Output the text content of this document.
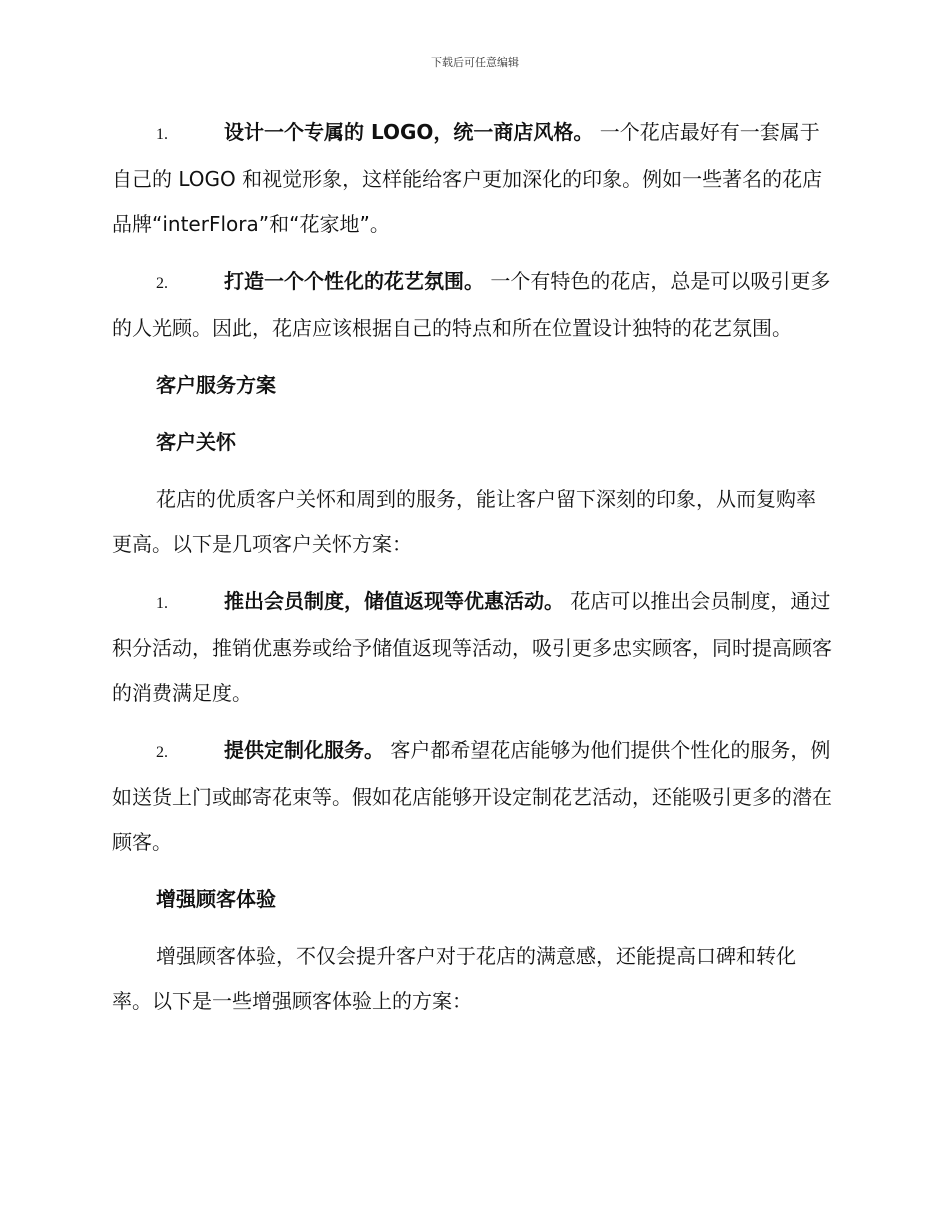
下载后可任意编辑
1.	设计一个专属的 LOGO，统一商店风格。 一个花店最好有一套属于自己的 LOGO 和视觉形象，这样能给客户更加深化的印象。例如一些著名的花店品牌“interFlora”和“花家地”。
2.	打造一个个性化的花艺氛围。 一个有特色的花店，总是可以吸引更多的人光顾。因此，花店应该根据自己的特点和所在位置设计独特的花艺氛围。
客户服务方案
客户关怀
花店的优质客户关怀和周到的服务，能让客户留下深刻的印象，从而复购率更高。以下是几项客户关怀方案：
1.	推出会员制度，储值返现等优惠活动。 花店可以推出会员制度，通过积分活动，推销优惠券或给予储值返现等活动，吸引更多忠实顾客，同时提高顾客的消费满足度。
2.	提供定制化服务。 客户都希望花店能够为他们提供个性化的服务，例如送货上门或邮寄花束等。假如花店能够开设定制花艺活动，还能吸引更多的潜在顾客。
增强顾客体验
增强顾客体验，不仅会提升客户对于花店的满意感，还能提高口碑和转化率。以下是一些增强顾客体验上的方案：
